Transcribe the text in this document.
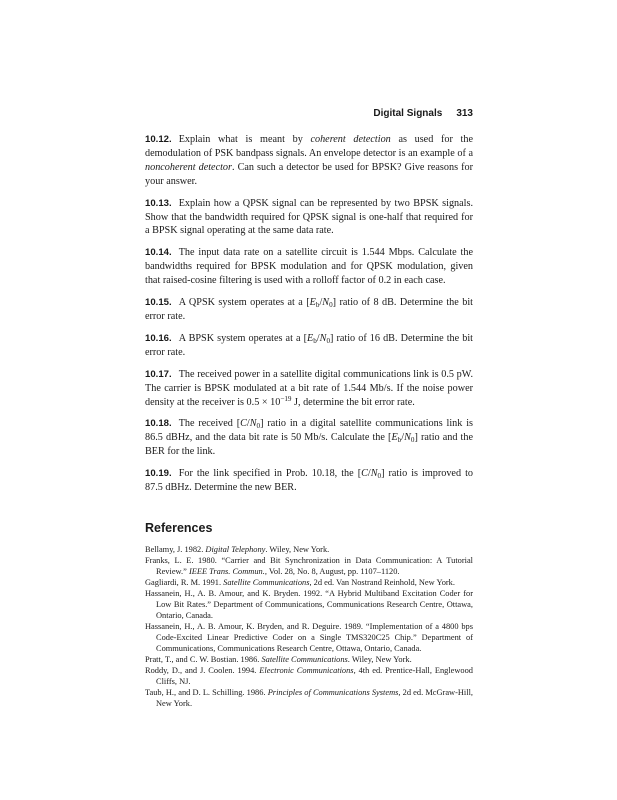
Digital Signals 313
10.12. Explain what is meant by coherent detection as used for the demodulation of PSK bandpass signals. An envelope detector is an example of a noncoherent detector. Can such a detector be used for BPSK? Give reasons for your answer.
10.13. Explain how a QPSK signal can be represented by two BPSK signals. Show that the bandwidth required for QPSK signal is one-half that required for a BPSK signal operating at the same data rate.
10.14. The input data rate on a satellite circuit is 1.544 Mbps. Calculate the bandwidths required for BPSK modulation and for QPSK modulation, given that raised-cosine filtering is used with a rolloff factor of 0.2 in each case.
10.15. A QPSK system operates at a $[E_b/N_0]$ ratio of 8 dB. Determine the bit error rate.
10.16. A BPSK system operates at a $[E_b/N_0]$ ratio of 16 dB. Determine the bit error rate.
10.17. The received power in a satellite digital communications link is 0.5 pW. The carrier is BPSK modulated at a bit rate of 1.544 Mb/s. If the noise power density at the receiver is $0.5 \times 10^{-19}$ J, determine the bit error rate.
10.18. The received $[C/N_0]$ ratio in a digital satellite communications link is 86.5 dBHz, and the data bit rate is 50 Mb/s. Calculate the $[E_b/N_0]$ ratio and the BER for the link.
10.19. For the link specified in Prob. 10.18, the $[C/N_0]$ ratio is improved to 87.5 dBHz. Determine the new BER.
References
Bellamy, J. 1982. Digital Telephony. Wiley, New York.
Franks, L. E. 1980. “Carrier and Bit Synchronization in Data Communication: A Tutorial Review.” IEEE Trans. Commun., Vol. 28, No. 8, August, pp. 1107–1120.
Gagliardi, R. M. 1991. Satellite Communications, 2d ed. Van Nostrand Reinhold, New York.
Hassanein, H., A. B. Amour, and K. Bryden. 1992. “A Hybrid Multiband Excitation Coder for Low Bit Rates.” Department of Communications, Communications Research Centre, Ottawa, Ontario, Canada.
Hassanein, H., A. B. Amour, K. Bryden, and R. Deguire. 1989. “Implementation of a 4800 bps Code-Excited Linear Predictive Coder on a Single TMS320C25 Chip.” Department of Communications, Communications Research Centre, Ottawa, Ontario, Canada.
Pratt, T., and C. W. Bostian. 1986. Satellite Communications. Wiley, New York.
Roddy, D., and J. Coolen. 1994. Electronic Communications, 4th ed. Prentice-Hall, Englewood Cliffs, NJ.
Taub, H., and D. L. Schilling. 1986. Principles of Communications Systems, 2d ed. McGraw-Hill, New York.
